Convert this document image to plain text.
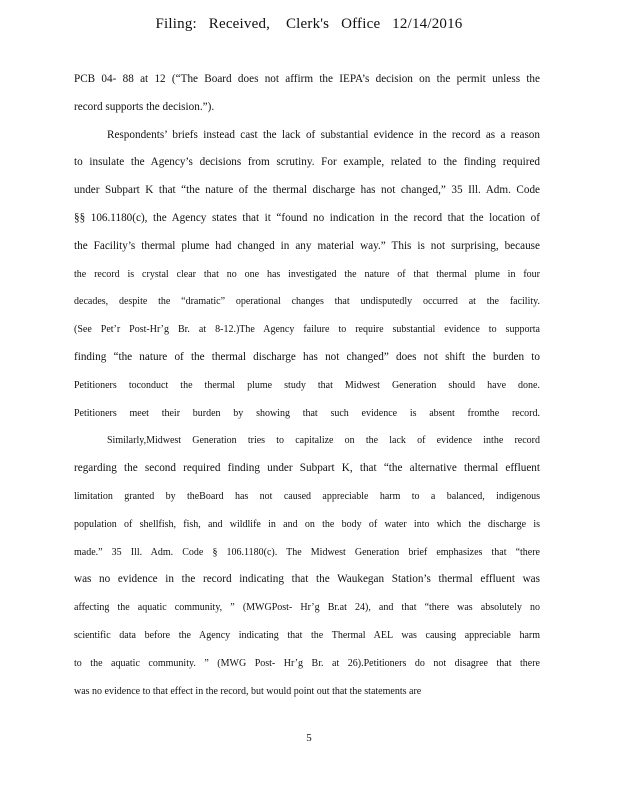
Filing: Received, Clerk's Office 12/14/2016
PCB 04- 88 at 12 (“The Board does not affirm the IEPA’s decision on the permit unless the
record supports the decision.”).
Respondents’ briefs instead cast the lack of substantial evidence in the record as a reason
to insulate the Agency’s decisions from scrutiny. For example, related to the finding required
under Subpart K that “the nature of the thermal discharge has not changed,” 35 Ill. Adm. Code
§§ 106.1180(c), the Agency states that it “found no indication in the record that the location of
the Facility’s thermal plume had changed in any material way.” This is not surprising, because
the record is crystal clear that no one has investigated the nature of that thermal plume in four
decades, despite the “dramatic” operational changes that undisputedly occurred at the facility.
(See Pet’r Post-Hr’g Br. at 8-12.)The Agency failure to require substantial evidence to supporta
finding “the nature of the thermal discharge has not changed” does not shift the burden to
Petitioners toconduct the thermal plume study that Midwest Generation should have done.
Petitioners meet their burden by showing that such evidence is absent fromthe record.
Similarly,Midwest Generation tries to capitalize on the lack of evidence inthe record
regarding the second required finding under Subpart K, that “the alternative thermal effluent
limitation granted by theBoard has not caused appreciable harm to a balanced, indigenous
population of shellfish, fish, and wildlife in and on the body of water into which the discharge is
made.” 35 Ill. Adm. Code § 106.1180(c). The Midwest Generation brief emphasizes that “there
was no evidence in the record indicating that the Waukegan Station’s thermal effluent was
affecting the aquatic community, ” (MWGPost- Hr’g Br.at 24), and that “there was absolutely no
scientific data before the Agency indicating that the Thermal AEL was causing appreciable harm
to the aquatic community. ” (MWG Post- Hr’g Br. at 26).Petitioners do not disagree that there
was no evidence to that effect in the record, but would point out that the statements are
5
